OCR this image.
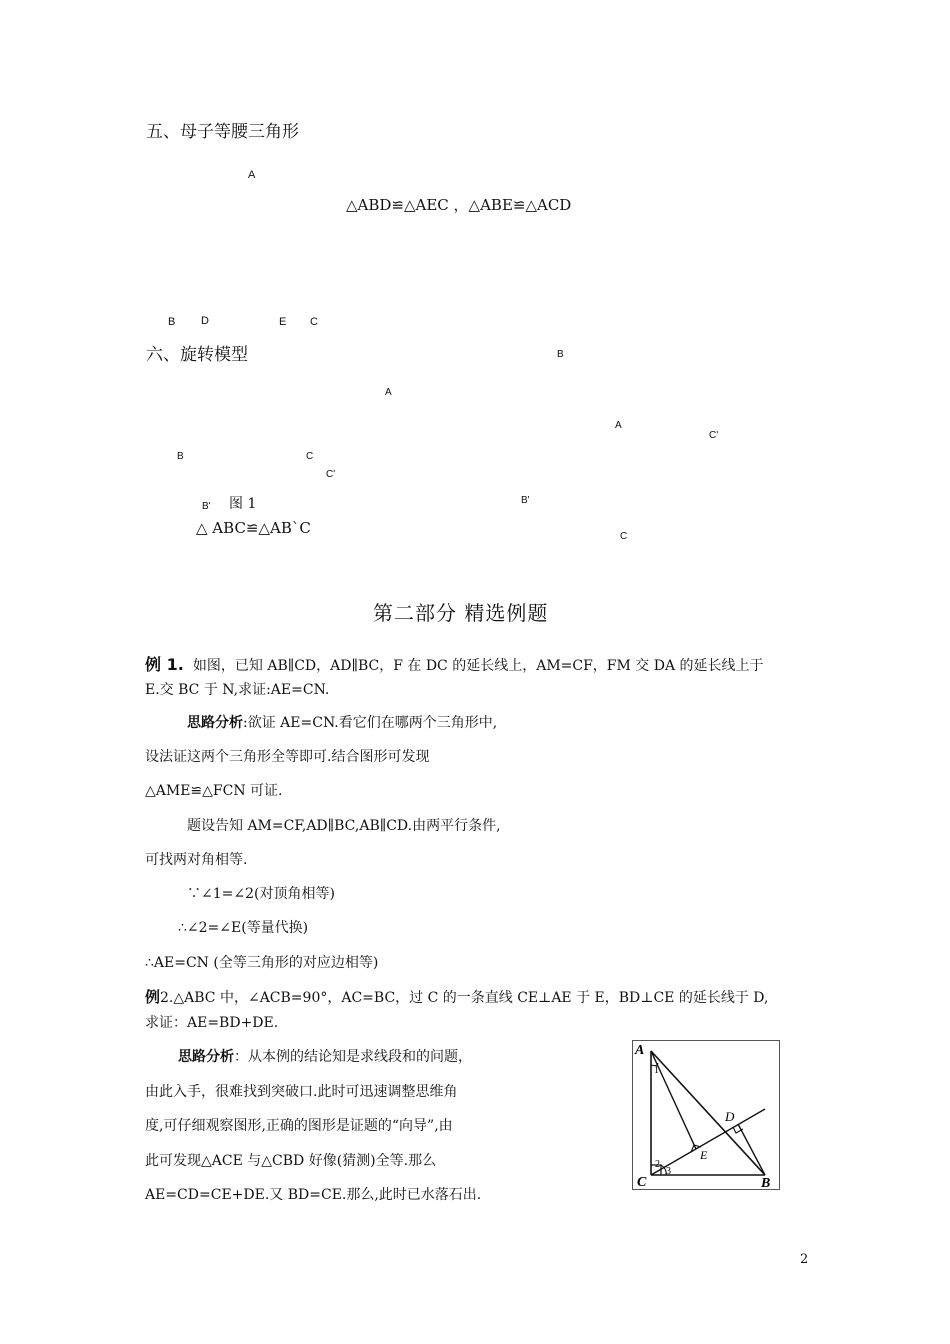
五、母子等腰三角形
A
△ABD≌△AEC ，△ABE≌△ACD
B D	E C
六、旋转模型	B
A
A
C'
B	C
C'
B' 图 1	B'
△ ABC≌△AB`C	C
第二部分 精选例题
例 1. 如图，已知 AB∥CD，AD∥BC，F 在 DC 的延长线上，AM=CF，FM 交 DA 的延长线上于
E.交 BC 于 N,求证:AE=CN.
思路分析:欲证 AE=CN.看它们在哪两个三角形中,
设法证这两个三角形全等即可.结合图形可发现
△AME≌△FCN 可证.
题设告知 AM=CF,AD∥BC,AB∥CD.由两平行条件,
可找两对角相等.
∵∠1=∠2(对顶角相等)
∴∠2=∠E(等量代换)
∴AE=CN (全等三角形的对应边相等)
例2.△ABC 中，∠ACB=90°，AC=BC，过 C 的一条直线 CE⊥AE 于 E，BD⊥CE 的延长线于 D,
求证：AE=BD+DE.
思路分析：从本例的结论知是求线段和的问题，
由此入手，很难找到突破口.此时可迅速调整思维角
度,可仔细观察图形,正确的图形是证题的“向导”,由
此可发现△ACE 与△CBD 好像(猜测)全等.那么
AE=CD=CE+DE.又 BD=CE.那么,此时已水落石出.
A
C	B
D
E
1
2
3
2
